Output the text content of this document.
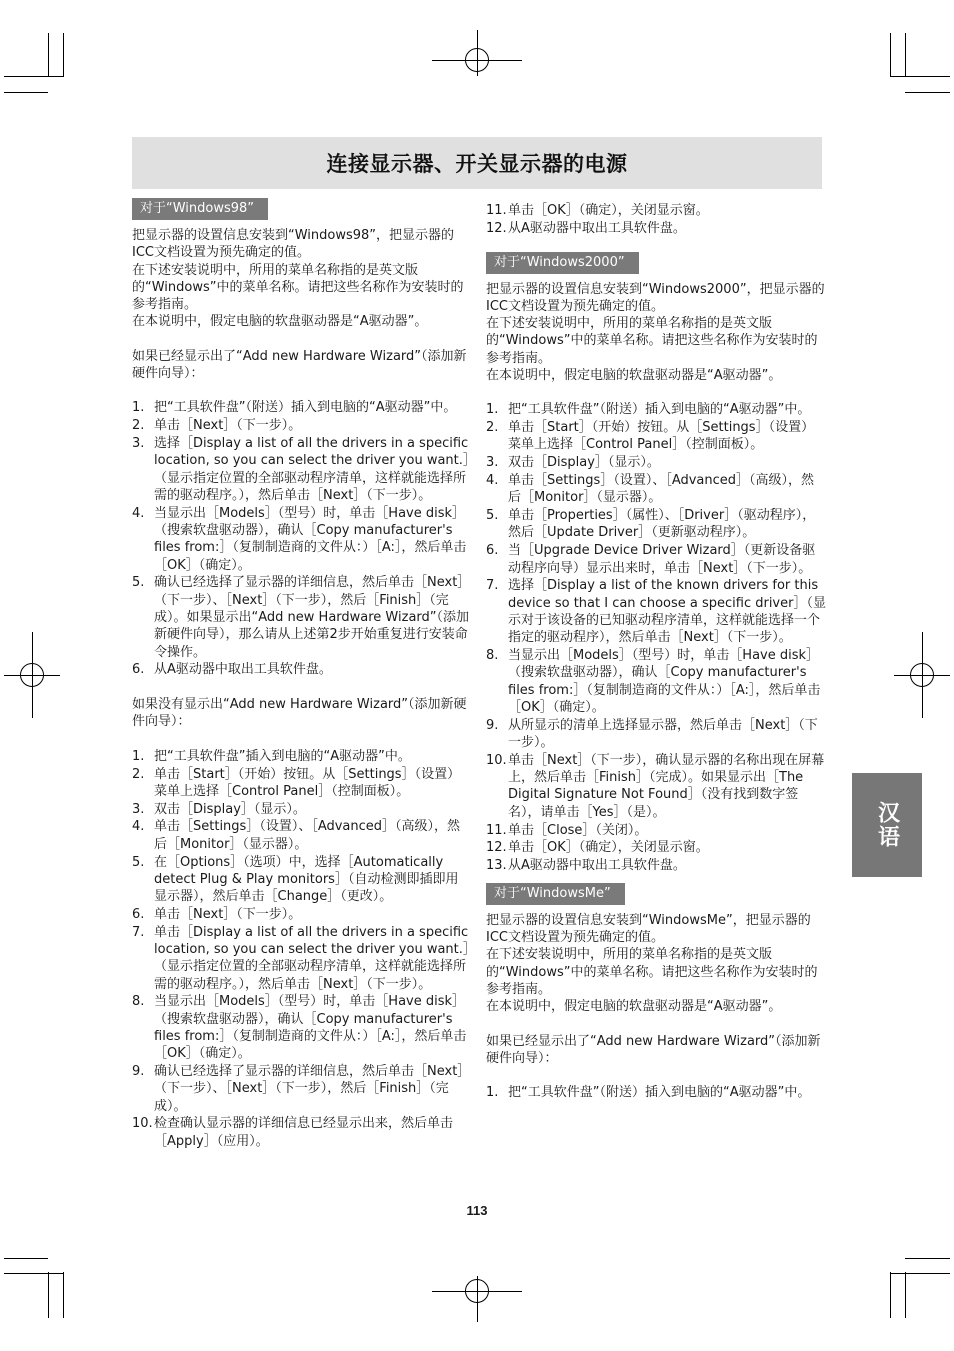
连接显示器、开关显示器的电源
对于“Windows98”

把显示器的设置信息安装到“Windows98”，把显示器的ICC文档设置为预先确定的值。

在下述安装说明中，所用的菜单名称指的是英文版的“Windows”中的菜单名称。请把这些名称作为安装时的参考指南。

在本说明中，假定电脑的软盘驱动器是“A驱动器”。

如果已经显示出了“Add new Hardware Wizard”（添加新硬件向导）：

1. 把“工具软件盘”（附送）插入到电脑的“A驱动器”中。
2. 单击［Next］（下一步）。
3. 选择［Display a list of all the drivers in a specific location, so you can select the driver you want.］（显示指定位置的全部驱动程序清单，这样就能选择所需的驱动程序。），然后单击［Next］（下一步）。
4. 当显示出［Models］（型号）时，单击［Have disk］（搜索软盘驱动器），确认［Copy manufacturer's files from:］（复制制造商的文件从：）［A:］，然后单击［OK］（确定）。
5. 确认已经选择了显示器的详细信息，然后单击［Next］（下一步）、［Next］（下一步），然后［Finish］（完成）。如果显示出“Add new Hardware Wizard”（添加新硬件向导），那么请从上述第2步开始重复进行安装命令操作。
6. 从A驱动器中取出工具软件盘。

如果没有显示出“Add new Hardware Wizard”（添加新硬件向导）：

1. 把“工具软件盘”插入到电脑的“A驱动器”中。
2. 单击［Start］（开始）按钮。从［Settings］（设置）菜单上选择［Control Panel］（控制面板）。
3. 双击［Display］（显示）。
4. 单击［Settings］（设置）、［Advanced］（高级），然后［Monitor］（显示器）。
5. 在［Options］（选项）中，选择［Automatically detect Plug & Play monitors］（自动检测即插即用显示器），然后单击［Change］（更改）。
6. 单击［Next］（下一步）。
7. 单击［Display a list of all the drivers in a specific location, so you can select the driver you want.］（显示指定位置的全部驱动程序清单，这样就能选择所需的驱动程序。），然后单击［Next］（下一步）。
8. 当显示出［Models］（型号）时，单击［Have disk］（搜索软盘驱动器），确认［Copy manufacturer's files from:］（复制制造商的文件从：）［A:］，然后单击［OK］（确定）。
9. 确认已经选择了显示器的详细信息，然后单击［Next］（下一步）、［Next］（下一步），然后［Finish］（完成）。
10. 检查确认显示器的详细信息已经显示出来，然后单击［Apply］（应用）。
11. 单击［OK］（确定），关闭显示窗。
12. 从A驱动器中取出工具软件盘。
对于“Windows2000”

把显示器的设置信息安装到“Windows2000”，把显示器的ICC文档设置为预先确定的值。

在下述安装说明中，所用的菜单名称指的是英文版的“Windows”中的菜单名称。请把这些名称作为安装时的参考指南。

在本说明中，假定电脑的软盘驱动器是“A驱动器”。

1. 把“工具软件盘”（附送）插入到电脑的“A驱动器”中。
2. 单击［Start］（开始）按钮。从［Settings］（设置）菜单上选择［Control Panel］（控制面板）。
3. 双击［Display］（显示）。
4. 单击［Settings］（设置）、［Advanced］（高级），然后［Monitor］（显示器）。
5. 单击［Properties］（属性）、［Driver］（驱动程序），然后［Update Driver］（更新驱动程序）。
6. 当［Upgrade Device Driver Wizard］（更新设备驱动程序向导）显示出来时，单击［Next］（下一步）。
7. 选择［Display a list of the known drivers for this device so that I can choose a specific driver］（显示对于该设备的已知驱动程序清单，这样就能选择一个指定的驱动程序），然后单击［Next］（下一步）。
8. 当显示出［Models］（型号）时，单击［Have disk］（搜索软盘驱动器），确认［Copy manufacturer's files from:］（复制制造商的文件从：）［A:］，然后单击［OK］（确定）。
9. 从所显示的清单上选择显示器，然后单击［Next］（下一步）。
10. 单击［Next］（下一步），确认显示器的名称出现在屏幕上，然后单击［Finish］（完成）。如果显示出［The Digital Signature Not Found］（没有找到数字签名），请单击［Yes］（是）。
11. 单击［Close］（关闭）。
12. 单击［OK］（确定），关闭显示窗。
13. 从A驱动器中取出工具软件盘。
对于“WindowsMe”

把显示器的设置信息安装到“WindowsMe”，把显示器的ICC文档设置为预先确定的值。

在下述安装说明中，所用的菜单名称指的是英文版的“Windows”中的菜单名称。请把这些名称作为安装时的参考指南。

在本说明中，假定电脑的软盘驱动器是“A驱动器”。

如果已经显示出了“Add new Hardware Wizard”（添加新硬件向导）：

1. 把“工具软件盘”（附送）插入到电脑的“A驱动器”中。
汉语
113
